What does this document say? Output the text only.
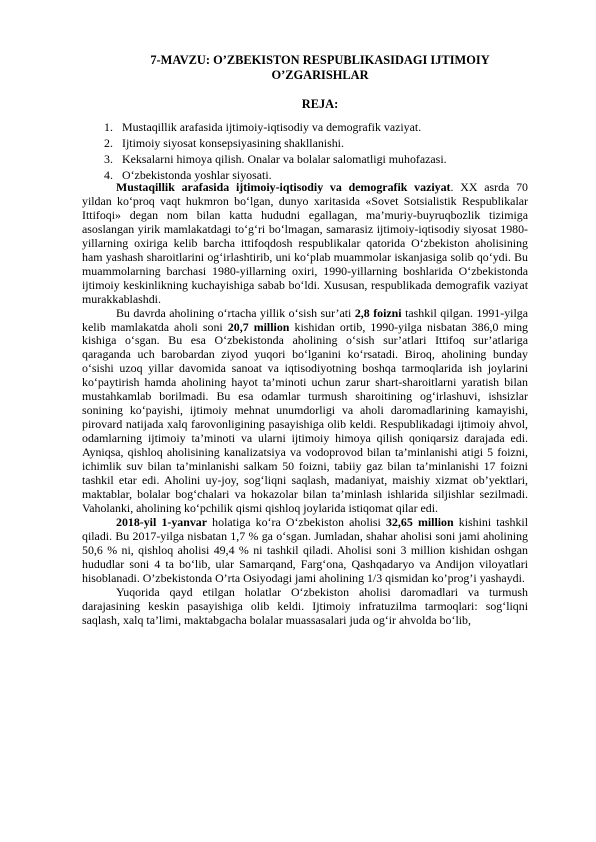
7-MAVZU: O’ZBEKISTON RESPUBLIKASIDAGI IJTIMOIY
O’ZGARISHLAR
REJA:
1. Mustaqillik arafasida ijtimoiy-iqtisodiy va demografik vaziyat.
2. Ijtimoiy siyosat konsepsiyasining shakllanishi.
3. Keksalarni himoya qilish. Onalar va bolalar salomatligi muhofazasi.
4. O‘zbekistonda yoshlar siyosati.

Mustaqillik arafasida ijtimoiy-iqtisodiy va demografik vaziyat. XX asrda 70 yildan ko‘proq vaqt hukmron bo‘lgan, dunyo xaritasida «Sovet Sotsialistik Respublikalar Ittifoqi» degan nom bilan katta hududni egallagan, ma’muriy-buyruqbozlik tizimiga asoslangan yirik mamlakatdagi to‘g‘ri bo‘lmagan, samarasiz ijtimoiy-iqtisodiy siyosat 1980-yillarning oxiriga kelib barcha ittifoqdosh respublikalar qatorida O‘zbekiston aholisining ham yashash sharoitlarini og‘irlashtirib, uni ko‘plab muammolar iskanjasiga solib qo‘ydi. Bu muammolarning barchasi 1980-yillarning oxiri, 1990-yillarning boshlarida O‘zbekistonda ijtimoiy keskinlikning kuchayishiga sabab bo‘ldi. Xususan, respublikada demografik vaziyat murakkablashdi.

Bu davrda aholining o‘rtacha yillik o‘sish sur’ati 2,8 foizni tashkil qilgan. 1991-yilga kelib mamlakatda aholi soni 20,7 million kishidan ortib, 1990-yilga nisbatan 386,0 ming kishiga o‘sgan. Bu esa O‘zbekistonda aholining o‘sish sur’atlari Ittifoq sur’atlariga qaraganda uch barobardan ziyod yuqori bo‘lganini ko‘rsatadi. Biroq, aholining bunday o‘sishi uzoq yillar davomida sanoat va iqtisodiyotning boshqa tarmoqlarida ish joylarini ko‘paytirish hamda aholining hayot ta’minoti uchun zarur shart-sharoitlarni yaratish bilan mustahkamlab borilmadi. Bu esa odamlar turmush sharoitining og‘irlashuvi, ishsizlar sonining ko‘payishi, ijtimoiy mehnat unumdorligi va aholi daromadlarining kamayishi, pirovard natijada xalq farovonligining pasayishiga olib keldi. Respublikadagi ijtimoiy ahvol, odamlarning ijtimoiy ta’minoti va ularni ijtimoiy himoya qilish qoniqarsiz darajada edi. Ayniqsa, qishloq aholisining kanalizatsiya va vodoprovod bilan ta’minlanishi atigi 5 foizni, ichimlik suv bilan ta’minlanishi salkam 50 foizni, tabiiy gaz bilan ta’minlanishi 17 foizni tashkil etar edi. Aholini uy-joy, sog‘liqni saqlash, madaniyat, maishiy xizmat ob’yektlari, maktablar, bolalar bog‘chalari va hokazolar bilan ta’minlash ishlarida siljishlar sezilmadi. Vaholanki, aholining ko‘pchilik qismi qishloq joylarida istiqomat qilar edi.

2018-yil 1-yanvar holatiga ko‘ra O‘zbekiston aholisi 32,65 million kishini tashkil qiladi. Bu 2017-yilga nisbatan 1,7 % ga o‘sgan. Jumladan, shahar aholisi soni jami aholining 50,6 % ni, qishloq aholisi 49,4 % ni tashkil qiladi. Aholisi soni 3 million kishidan oshgan hududlar soni 4 ta bo‘lib, ular Samarqand, Farg‘ona, Qashqadaryo va Andijon viloyatlari hisoblanadi. O’zbekistonda O’rta Osiyodagi jami aholining 1/3 qismidan ko’prog’i yashaydi.

Yuqorida qayd etilgan holatlar O‘zbekiston aholisi daromadlari va turmush darajasining keskin pasayishiga olib keldi. Ijtimoiy infratuzilma tarmoqlari: sog‘liqni saqlash, xalq ta’limi, maktabgacha bolalar muassasalari juda og‘ir ahvolda bo‘lib,
